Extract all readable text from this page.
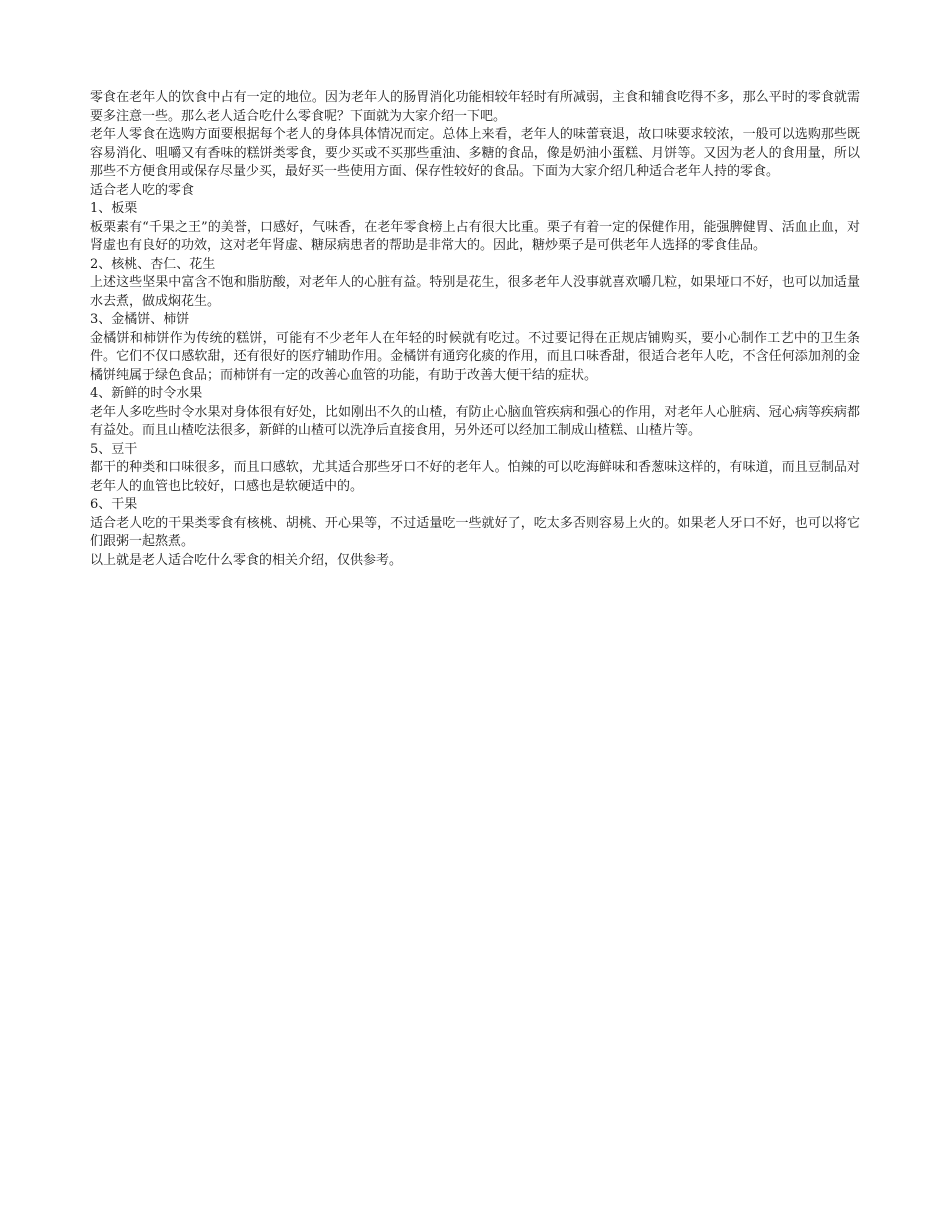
零食在老年人的饮食中占有一定的地位。因为老年人的肠胃消化功能相较年轻时有所减弱，主食和辅食吃得不多，那么平时的零食就需要多注意一些。那么老人适合吃什么零食呢？下面就为大家介绍一下吧。

老年人零食在选购方面要根据每个老人的身体具体情况而定。总体上来看，老年人的味蕾衰退，故口味要求较浓，一般可以选购那些既容易消化、咀嚼又有香味的糕饼类零食，要少买或不买那些重油、多糖的食品，像是奶油小蛋糕、月饼等。又因为老人的食用量，所以那些不方便食用或保存尽量少买，最好买一些使用方面、保存性较好的食品。下面为大家介绍几种适合老年人持的零食。

适合老人吃的零食

1、板栗

板栗素有“千果之王”的美誉，口感好，气味香，在老年零食榜上占有很大比重。栗子有着一定的保健作用，能强脾健胃、活血止血，对肾虚也有良好的功效，这对老年肾虚、糖尿病患者的帮助是非常大的。因此，糖炒栗子是可供老年人选择的零食佳品。

2、核桃、杏仁、花生

上述这些坚果中富含不饱和脂肪酸，对老年人的心脏有益。特别是花生，很多老年人没事就喜欢嚼几粒，如果垭口不好，也可以加适量水去煮，做成焖花生。

3、金橘饼、柿饼

金橘饼和柿饼作为传统的糕饼，可能有不少老年人在年轻的时候就有吃过。不过要记得在正规店铺购买，要小心制作工艺中的卫生条件。它们不仅口感软甜，还有很好的医疗辅助作用。金橘饼有通窍化痰的作用，而且口味香甜，很适合老年人吃，不含任何添加剂的金橘饼纯属于绿色食品；而柿饼有一定的改善心血管的功能，有助于改善大便干结的症状。

4、新鲜的时令水果

老年人多吃些时令水果对身体很有好处，比如刚出不久的山楂，有防止心脑血管疾病和强心的作用，对老年人心脏病、冠心病等疾病都有益处。而且山楂吃法很多，新鲜的山楂可以洗净后直接食用，另外还可以经加工制成山楂糕、山楂片等。

5、豆干

都干的种类和口味很多，而且口感软，尤其适合那些牙口不好的老年人。怕辣的可以吃海鲜味和香葱味这样的，有味道，而且豆制品对老年人的血管也比较好，口感也是软硬适中的。

6、干果

适合老人吃的干果类零食有核桃、胡桃、开心果等，不过适量吃一些就好了，吃太多否则容易上火的。如果老人牙口不好，也可以将它们跟粥一起熬煮。

以上就是老人适合吃什么零食的相关介绍，仅供参考。
